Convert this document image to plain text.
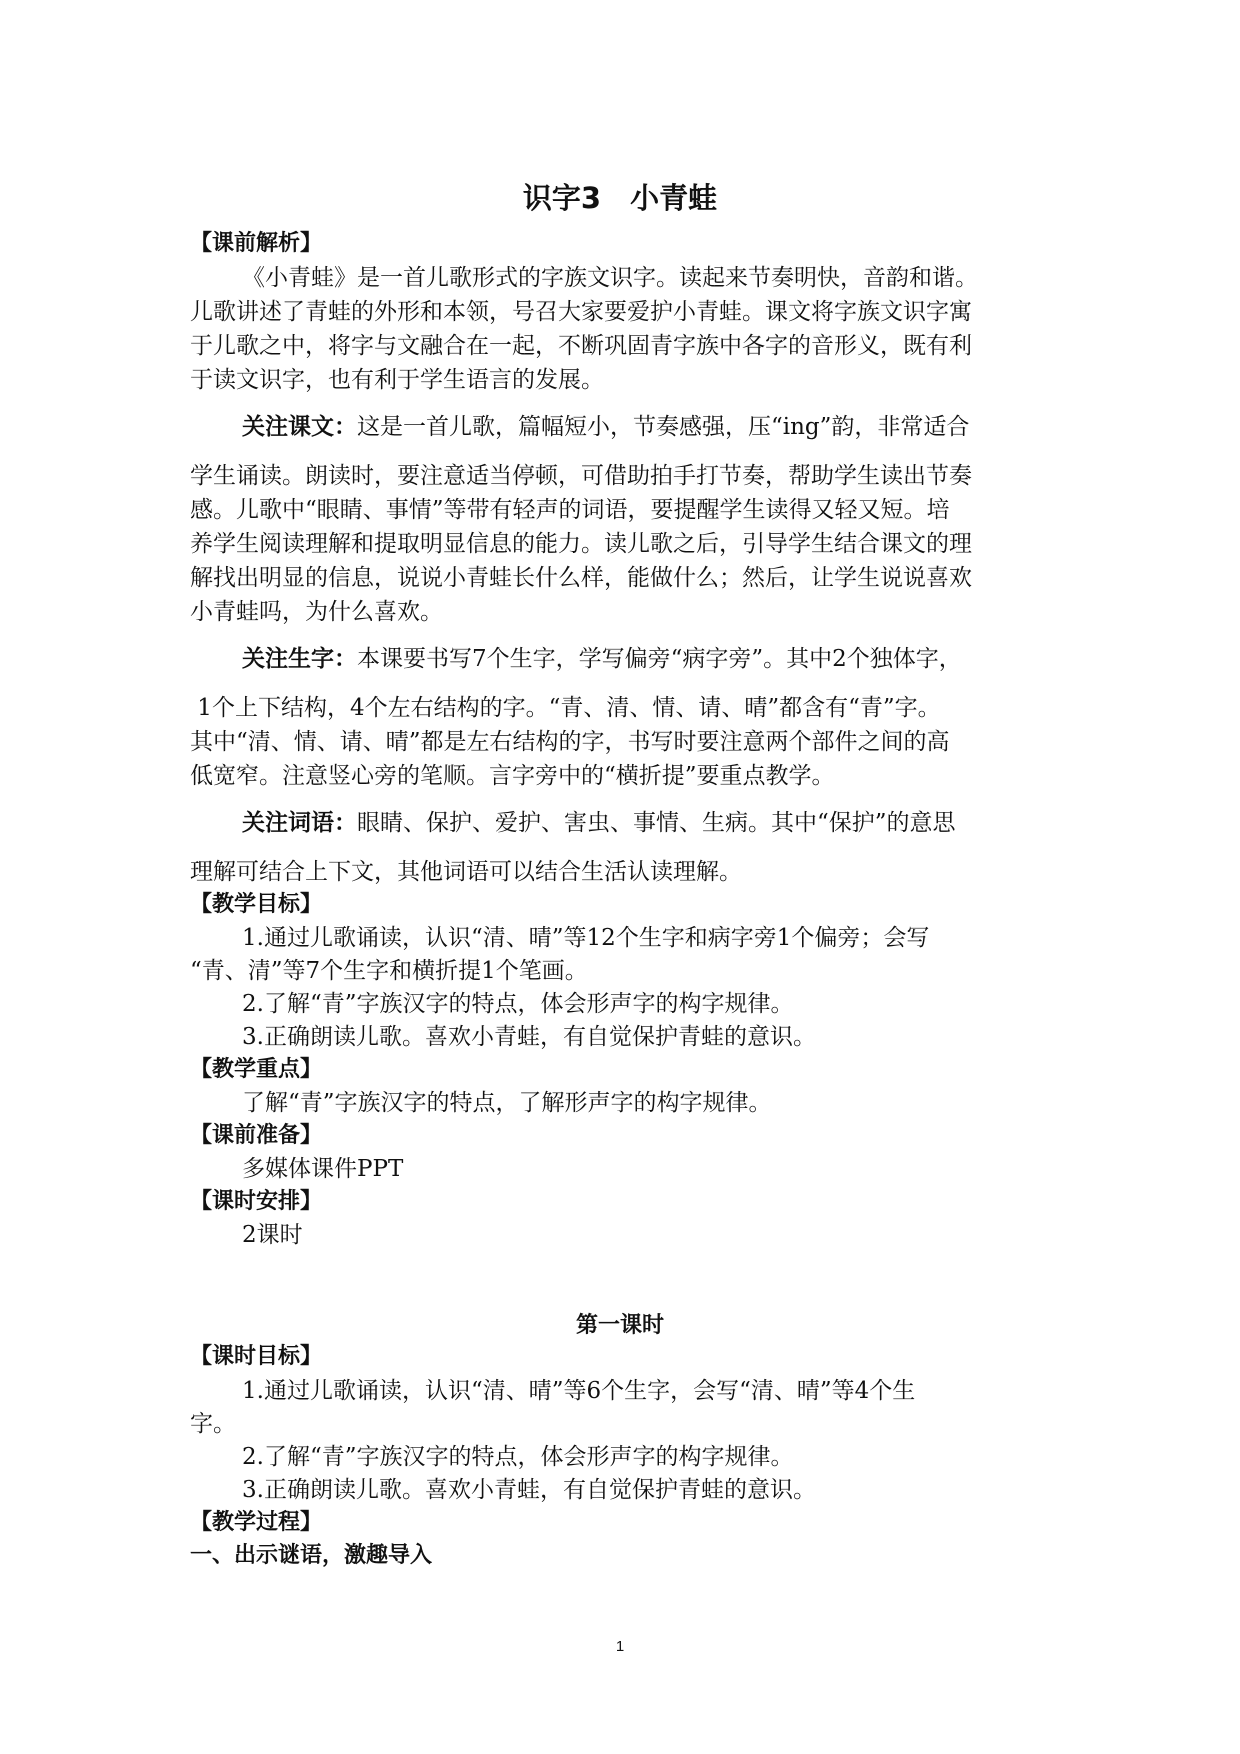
识字3　小青蛙

【课前解析】

《小青蛙》是一首儿歌形式的字族文识字。读起来节奏明快，音韵和谐。

儿歌讲述了青蛙的外形和本领，号召大家要爱护小青蛙。课文将字族文识字寓

于儿歌之中，将字与文融合在一起，不断巩固青字族中各字的音形义，既有利

于读文识字，也有利于学生语言的发展。

关注课文：这是一首儿歌，篇幅短小，节奏感强，压“ing”韵，非常适合

学生诵读。朗读时，要注意适当停顿，可借助拍手打节奏，帮助学生读出节奏

感。儿歌中“眼睛、事情”等带有轻声的词语，要提醒学生读得又轻又短。培

养学生阅读理解和提取明显信息的能力。读儿歌之后，引导学生结合课文的理

解找出明显的信息，说说小青蛙长什么样，能做什么；然后，让学生说说喜欢

小青蛙吗，为什么喜欢。

关注生字：本课要书写7个生字，学写偏旁“病字旁”。其中2个独体字，

1个上下结构，4个左右结构的字。“青、清、情、请、晴”都含有“青”字。

其中“清、情、请、晴”都是左右结构的字，书写时要注意两个部件之间的高

低宽窄。注意竖心旁的笔顺。言字旁中的“横折提”要重点教学。

关注词语：眼睛、保护、爱护、害虫、事情、生病。其中“保护”的意思

理解可结合上下文，其他词语可以结合生活认读理解。

【教学目标】

1.通过儿歌诵读，认识“清、晴”等12个生字和病字旁1个偏旁；会写

“青、清”等7个生字和横折提1个笔画。

2.了解“青”字族汉字的特点，体会形声字的构字规律。

3.正确朗读儿歌。喜欢小青蛙，有自觉保护青蛙的意识。

【教学重点】

了解“青”字族汉字的特点，了解形声字的构字规律。

【课前准备】

多媒体课件PPT

【课时安排】

2课时

第一课时

【课时目标】

1.通过儿歌诵读，认识“清、晴”等6个生字，会写“清、晴”等4个生

字。

2.了解“青”字族汉字的特点，体会形声字的构字规律。

3.正确朗读儿歌。喜欢小青蛙，有自觉保护青蛙的意识。

【教学过程】

一、出示谜语，激趣导入

1
